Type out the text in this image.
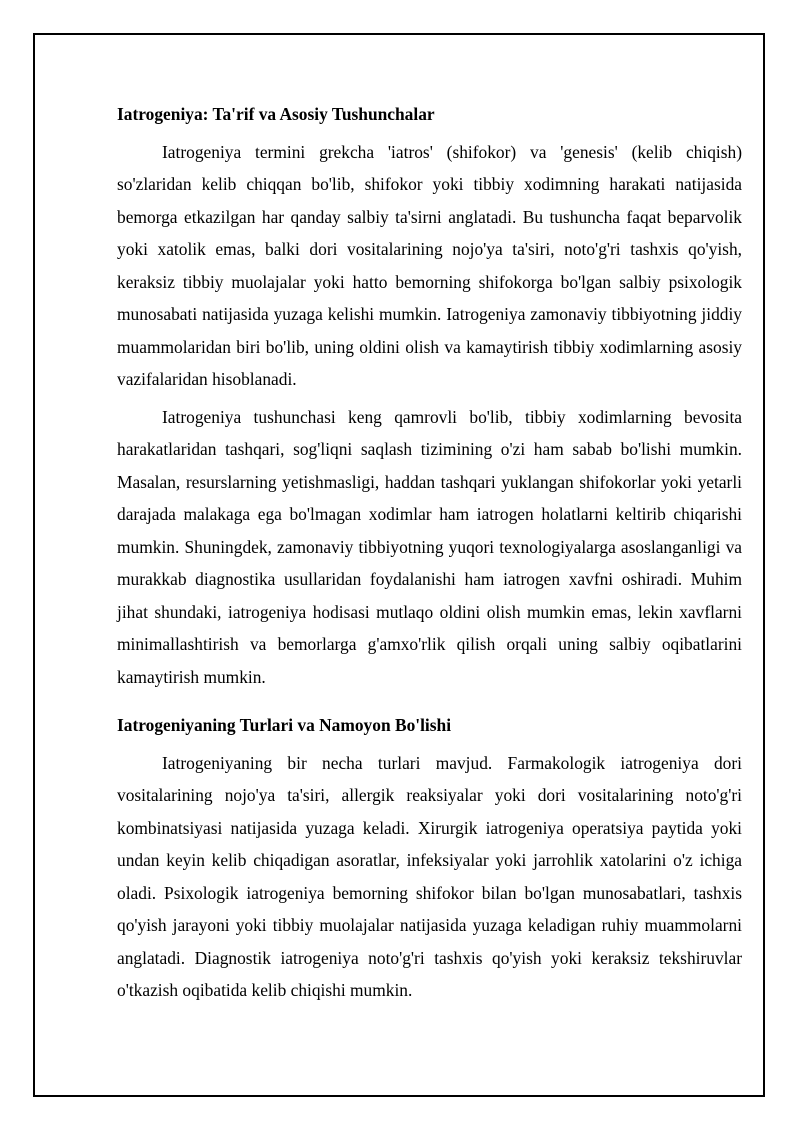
Iatrogeniya: Ta'rif va Asosiy Tushunchalar

Iatrogeniya termini grekcha 'iatros' (shifokor) va 'genesis' (kelib chiqish) so'zlaridan kelib chiqqan bo'lib, shifokor yoki tibbiy xodimning harakati natijasida bemorga etkazilgan har qanday salbiy ta'sirni anglatadi. Bu tushuncha faqat beparvolik yoki xatolik emas, balki dori vositalarining nojo'ya ta'siri, noto'g'ri tashxis qo'yish, keraksiz tibbiy muolajalar yoki hatto bemorning shifokorga bo'lgan salbiy psixologik munosabati natijasida yuzaga kelishi mumkin. Iatrogeniya zamonaviy tibbiyotning jiddiy muammolaridan biri bo'lib, uning oldini olish va kamaytirish tibbiy xodimlarning asosiy vazifalaridan hisoblanadi.

Iatrogeniya tushunchasi keng qamrovli bo'lib, tibbiy xodimlarning bevosita harakatlaridan tashqari, sog'liqni saqlash tizimining o'zi ham sabab bo'lishi mumkin. Masalan, resurslarning yetishmasligi, haddan tashqari yuklangan shifokorlar yoki yetarli darajada malakaga ega bo'lmagan xodimlar ham iatrogen holatlarni keltirib chiqarishi mumkin. Shuningdek, zamonaviy tibbiyotning yuqori texnologiyalarga asoslanganligi va murakkab diagnostika usullaridan foydalanishi ham iatrogen xavfni oshiradi. Muhim jihat shundaki, iatrogeniya hodisasi mutlaqo oldini olish mumkin emas, lekin xavflarni minimallashtirish va bemorlarga g'amxo'rlik qilish orqali uning salbiy oqibatlarini kamaytirish mumkin.

Iatrogeniyaning Turlari va Namoyon Bo'lishi

Iatrogeniyaning bir necha turlari mavjud. Farmakologik iatrogeniya dori vositalarining nojo'ya ta'siri, allergik reaksiyalar yoki dori vositalarining noto'g'ri kombinatsiyasi natijasida yuzaga keladi. Xirurgik iatrogeniya operatsiya paytida yoki undan keyin kelib chiqadigan asoratlar, infeksiyalar yoki jarrohlik xatolarini o'z ichiga oladi. Psixologik iatrogeniya bemorning shifokor bilan bo'lgan munosabatlari, tashxis qo'yish jarayoni yoki tibbiy muolajalar natijasida yuzaga keladigan ruhiy muammolarni anglatadi. Diagnostik iatrogeniya noto'g'ri tashxis qo'yish yoki keraksiz tekshiruvlar o'tkazish oqibatida kelib chiqishi mumkin.
